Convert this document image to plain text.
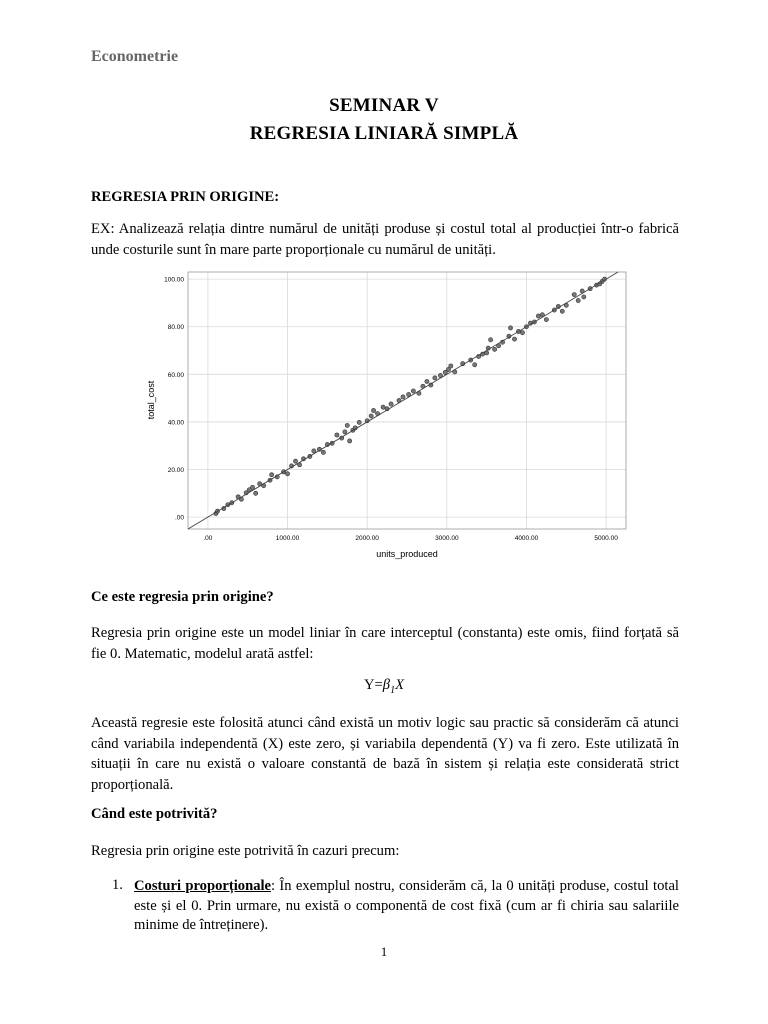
Econometrie
SEMINAR V
REGRESIA LINIARĂ SIMPLĂ
REGRESIA PRIN ORIGINE:
EX: Analizează relația dintre numărul de unități produse și costul total al producției într-o fabrică unde costurile sunt în mare parte proporționale cu numărul de unități.
.00
20.00
40.00
60.00
80.00
100.00
.00	1000.00	2000.00	3000.00	4000.00	5000.00
total_cost
units_produced
Ce este regresia prin origine?
Regresia prin origine este un model liniar în care interceptul (constanta) este omis, fiind forțată să fie 0. Matematic, modelul arată astfel:
$Y=\beta_1X$
Această regresie este folosită atunci când există un motiv logic sau practic să considerăm că atunci când variabila independentă (X) este zero, și variabila dependentă (Y) va fi zero. Este utilizată în situații în care nu există o valoare constantă de bază în sistem și relația este considerată strict proporțională.
Când este potrivită?
Regresia prin origine este potrivită în cazuri precum:
1. Costuri proporționale: În exemplul nostru, considerăm că, la 0 unități produse, costul total este și el 0. Prin urmare, nu există o componentă de cost fixă (cum ar fi chiria sau salariile minime de întreținere).
1
